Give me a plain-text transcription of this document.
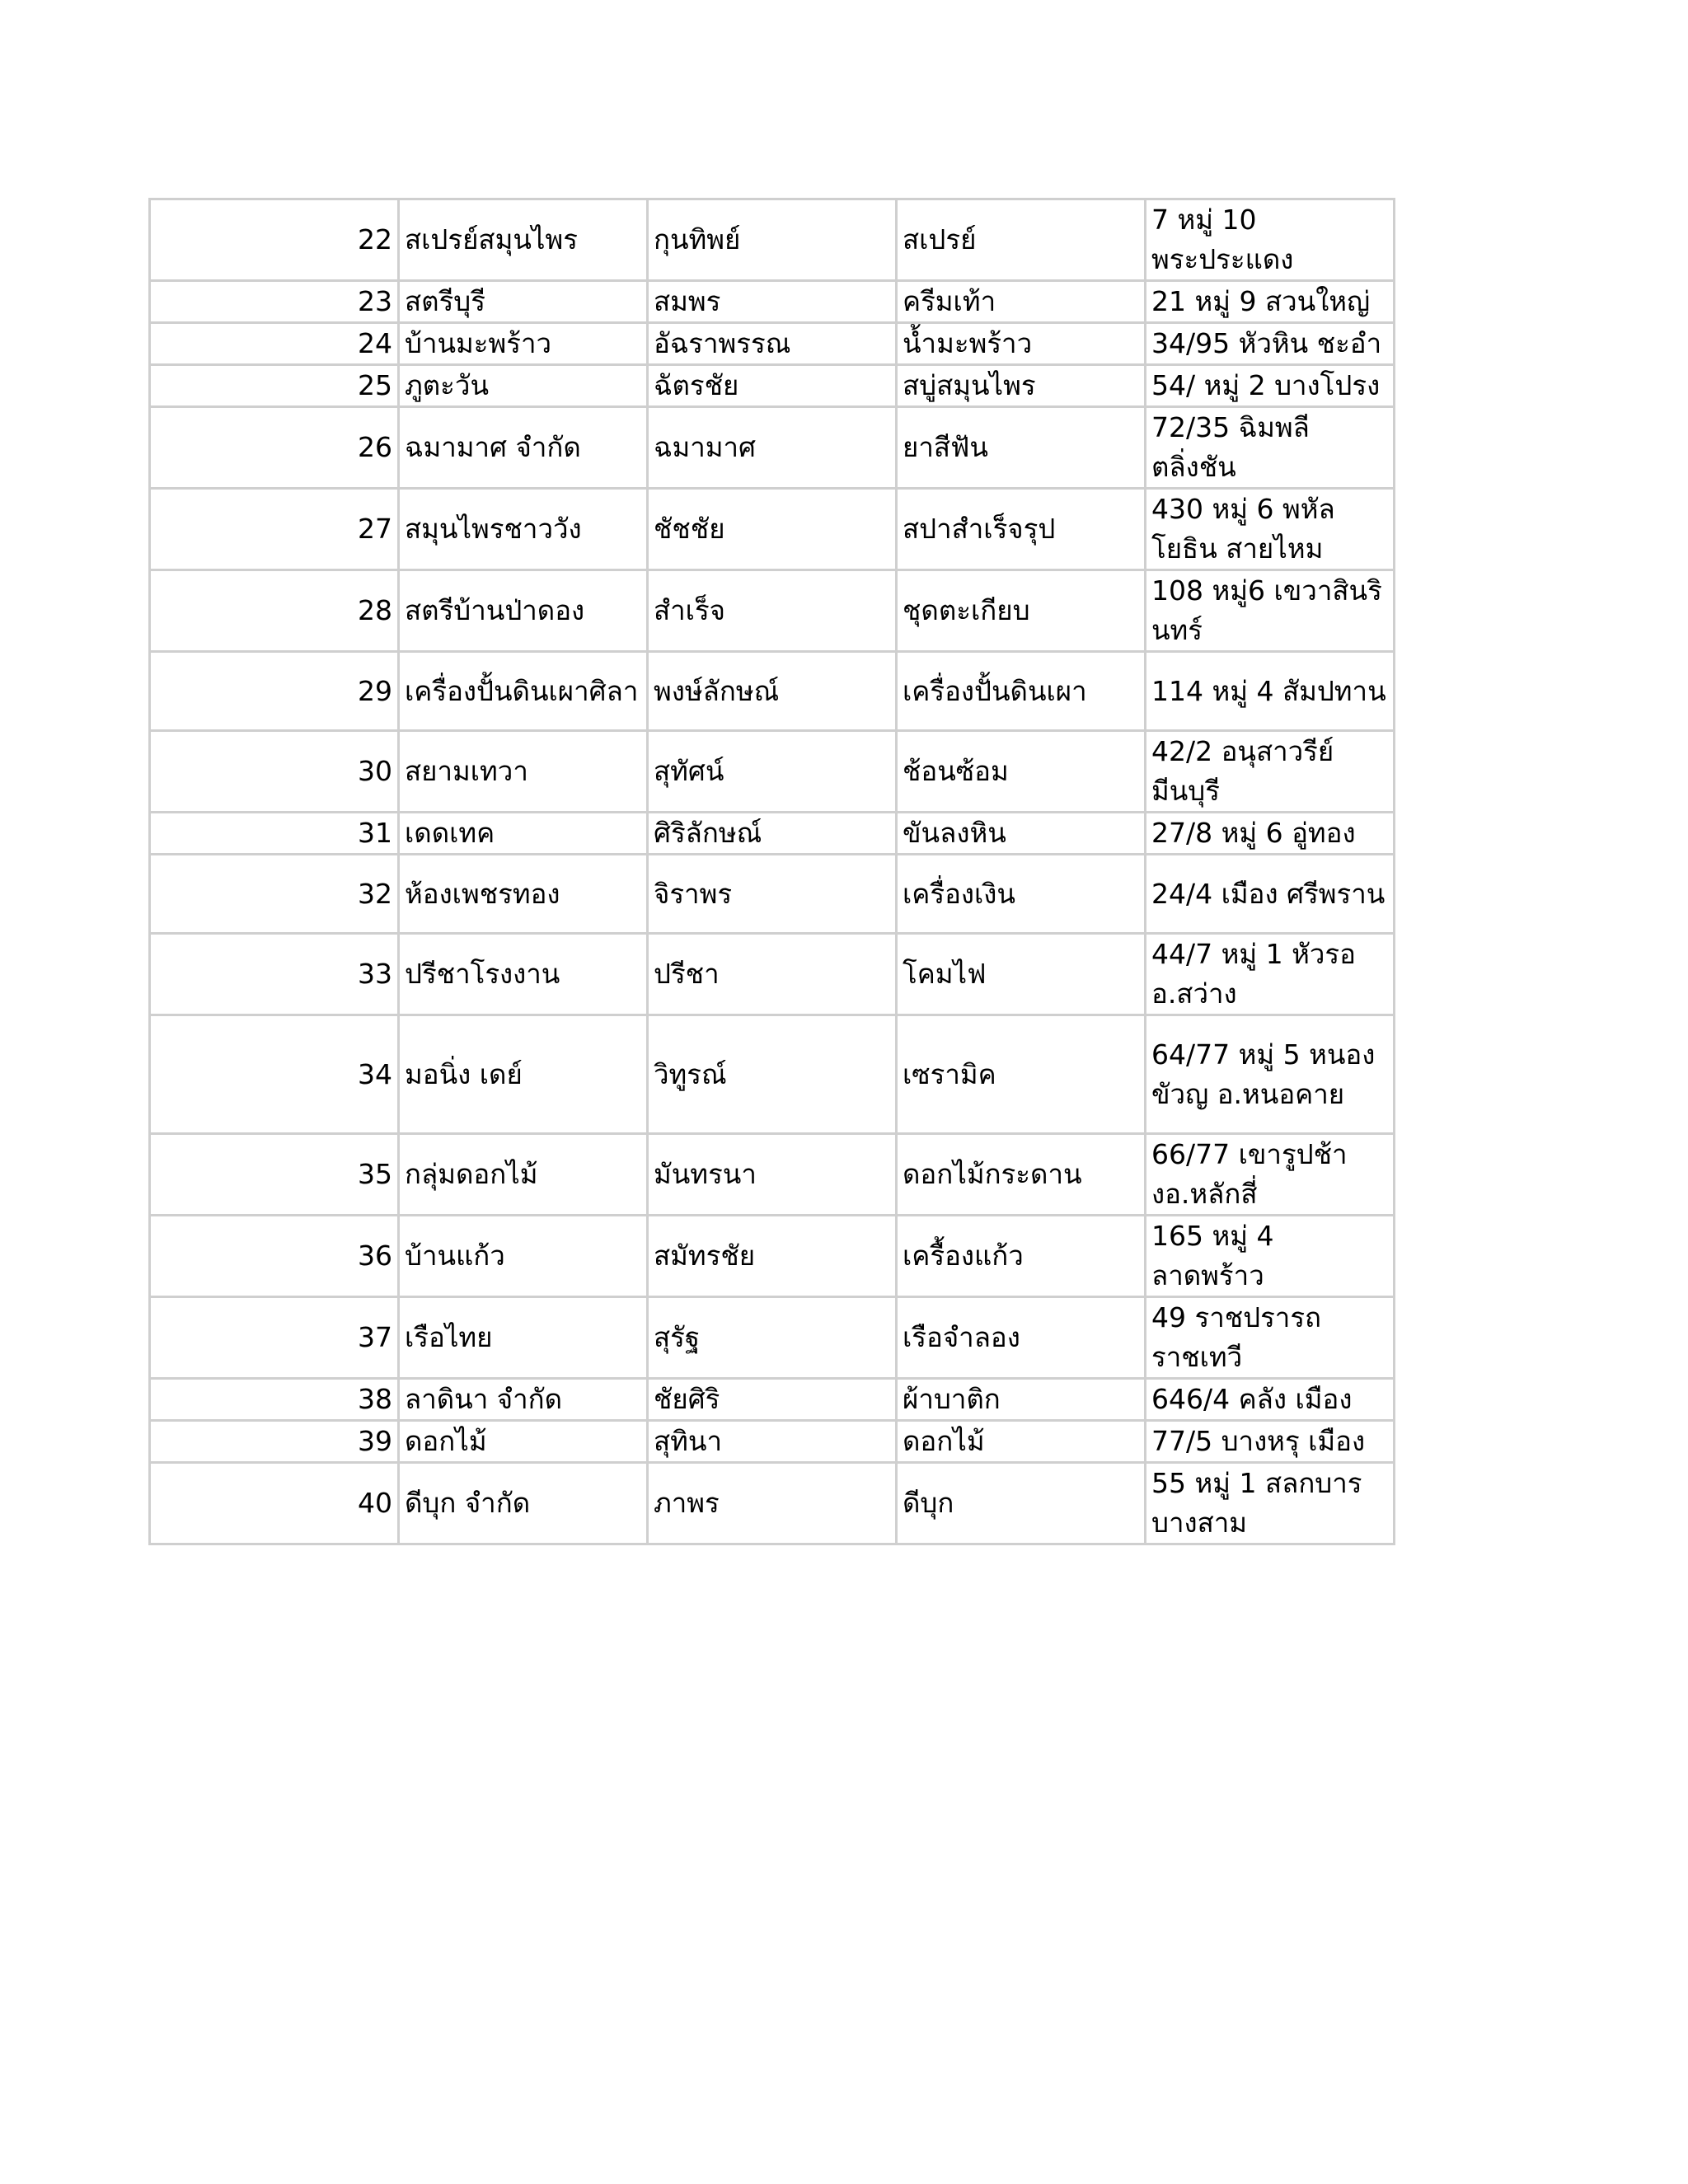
22	สเปรย์สมุนไพร	กุนทิพย์	สเปรย์	7 หมู่ 10 พระประแดง
23	สตรีบุรี	สมพร	ครีมเท้า	21 หมู่ 9 สวนใหญ่
24	บ้านมะพร้าว	อัฉราพรรณ	น้ำมะพร้าว	34/95 หัวหิน ชะอำ
25	ภูตะวัน	ฉัตรชัย	สบู่สมุนไพร	54/ หมู่ 2 บางโปรง
26	ฉมามาศ จำกัด	ฉมามาศ	ยาสีฟัน	72/35 ฉิมพลี ตลิ่งชัน
27	สมุนไพรชาววัง	ชัชชัย	สปาสำเร็จรุป	430 หมู่ 6 พหัลโยธิน สายไหม
28	สตรีบ้านป่าดอง	สำเร็จ	ชุดตะเกียบ	108 หมู่6 เขวาสินรินทร์
29	เครื่องปั้นดินเผาศิลา	พงษ์ลักษณ์	เครื่องปั้นดินเผา	114 หมู่ 4 สัมปทาน
30	สยามเทวา	สุทัศน์	ช้อนซ้อม	42/2 อนุสาวรีย์มีนบุรี
31	เดดเทค	ศิริลักษณ์	ขันลงหิน	27/8 หมู่ 6 อู่ทอง
32	ห้องเพชรทอง	จิราพร	เครื่องเงิน	24/4 เมือง ศรีพราน
33	ปรีชาโรงงาน	ปรีชา	โคมไฟ	44/7 หมู่ 1 หัวรอ อ.สว่าง
34	มอนิ่ง เดย์	วิทูรณ์	เซรามิค	64/77 หมู่ 5 หนองขัวญ อ.หนอคาย
35	กลุ่มดอกไม้	มันทรนา	ดอกไม้กระดาน	66/77 เขารูปช้างอ.หลักสี่
36	บ้านแก้ว	สมัทรชัย	เครื้องแก้ว	165 หมู่ 4 ลาดพร้าว
37	เรือไทย	สุรัฐ	เรือจำลอง	49 ราชปรารถ ราชเทวี
38	ลาดินา จำกัด	ชัยศิริ	ผ้าบาติก	646/4 คลัง เมือง
39	ดอกไม้	สุทินา	ดอกไม้	77/5 บางหรุ เมือง
40	ดีบุก จำกัด	ภาพร	ดีบุก	55 หมู่ 1 สลกบาร บางสาม
